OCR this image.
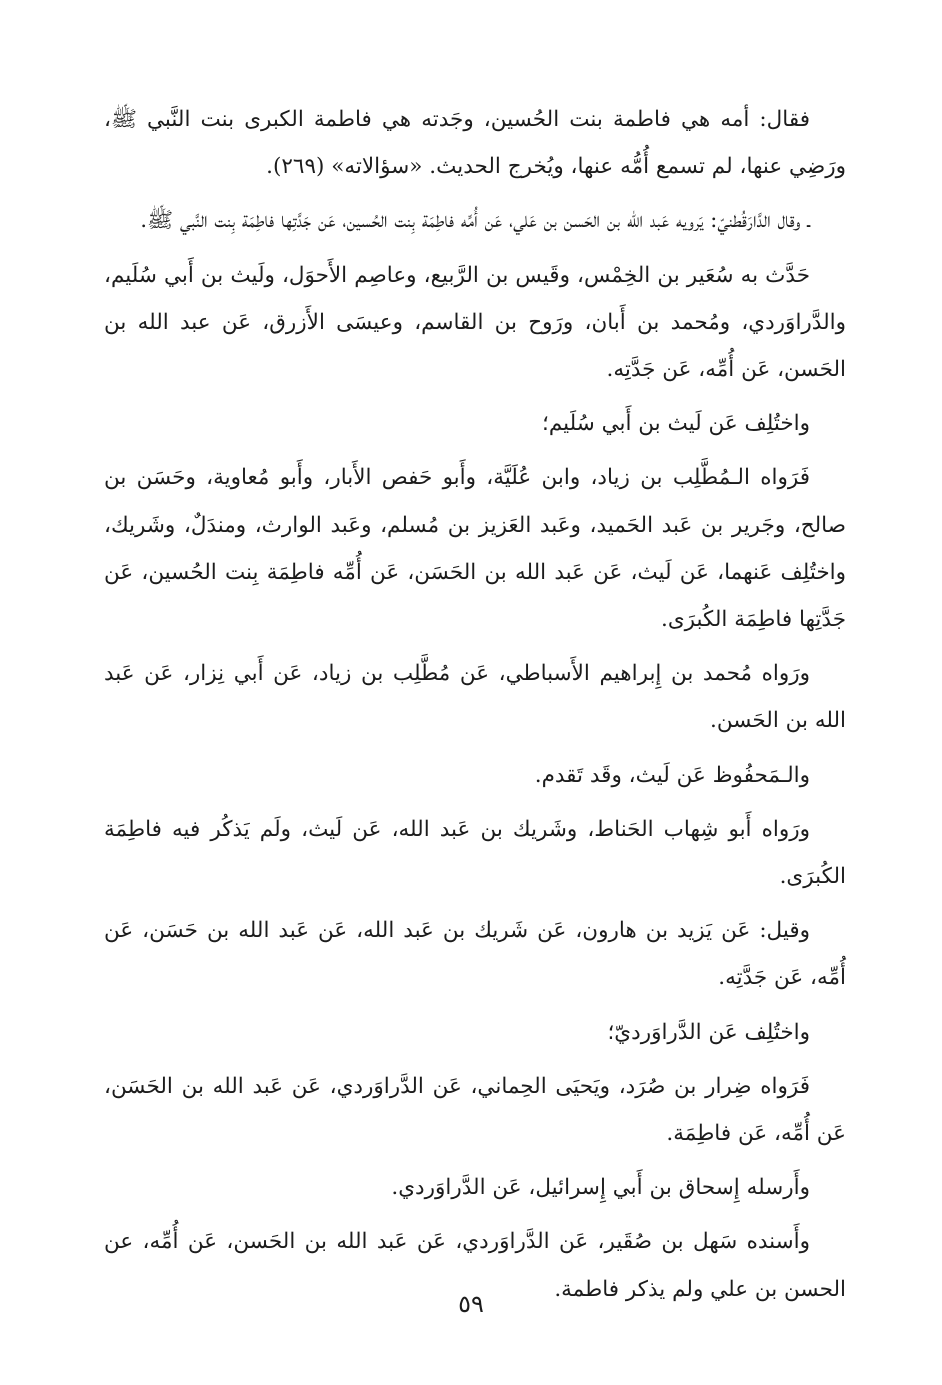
فقال: أمه هي فاطمة بنت الحُسين، وجَدته هي فاطمة الكبرى بنت النَّبي ﷺ، ورَضِي عنها، لم تسمع أُمُّه عنها، ويُخرج الحديث. «سؤالاته» (٢٦٩).

ـ وقال الدَّارَقُطنيّ: يَرويه عَبد الله بن الحَسن بن عَلي، عَن أُمِّه فاطِمَة بِنت الحُسين، عَن جَدَّتِها فاطِمَة بِنت النَّبي ﷺ.

حَدَّث به سُعَير بن الخِمْس، وقَيس بن الرَّبيع، وعاصِم الأَحوَل، ولَيث بن أَبي سُلَيم، والدَّراوَردي، ومُحمد بن أَبان، ورَوح بن القاسم، وعيسَى الأَزرق، عَن عبد الله بن الحَسن، عَن أُمِّه، عَن جَدَّتِه.

واختُلِف عَن لَيث بن أَبي سُلَيم؛

فَرَواه الـمُطَّلِب بن زياد، وابن عُلَيَّة، وأَبو حَفص الأَبار، وأَبو مُعاوية، وحَسَن بن صالح، وجَرير بن عَبد الحَميد، وعَبد العَزيز بن مُسلم، وعَبد الوارث، ومندَلٌ، وشَريك، واختُلِف عَنهما، عَن لَيث، عَن عَبد الله بن الحَسَن، عَن أُمِّه فاطِمَة بِنت الحُسين، عَن جَدَّتِها فاطِمَة الكُبرَى.

ورَواه مُحمد بن إِبراهيم الأَسباطي، عَن مُطَّلِب بن زياد، عَن أَبي نِزار، عَن عَبد الله بن الحَسن.

والـمَحفُوظ عَن لَيث، وقَد تَقدم.

ورَواه أَبو شِهاب الحَناط، وشَريك بن عَبد الله، عَن لَيث، ولَم يَذكُر فيه فاطِمَة الكُبرَى.

وقيل: عَن يَزيد بن هارون، عَن شَريك بن عَبد الله، عَن عَبد الله بن حَسَن، عَن أُمِّه، عَن جَدَّتِه.

واختُلِف عَن الدَّراوَرديّ؛

فَرَواه ضِرار بن صُرَد، ويَحيَى الحِماني، عَن الدَّراوَردي، عَن عَبد الله بن الحَسَن، عَن أُمِّه، عَن فاطِمَة.

وأَرسله إِسحاق بن أَبي إِسرائيل، عَن الدَّراوَردي.

وأَسنده سَهل بن صُقَير، عَن الدَّراوَردي، عَن عَبد الله بن الحَسن، عَن أُمِّه، عن الحسن بن علي ولم يذكر فاطمة.

٥٩
